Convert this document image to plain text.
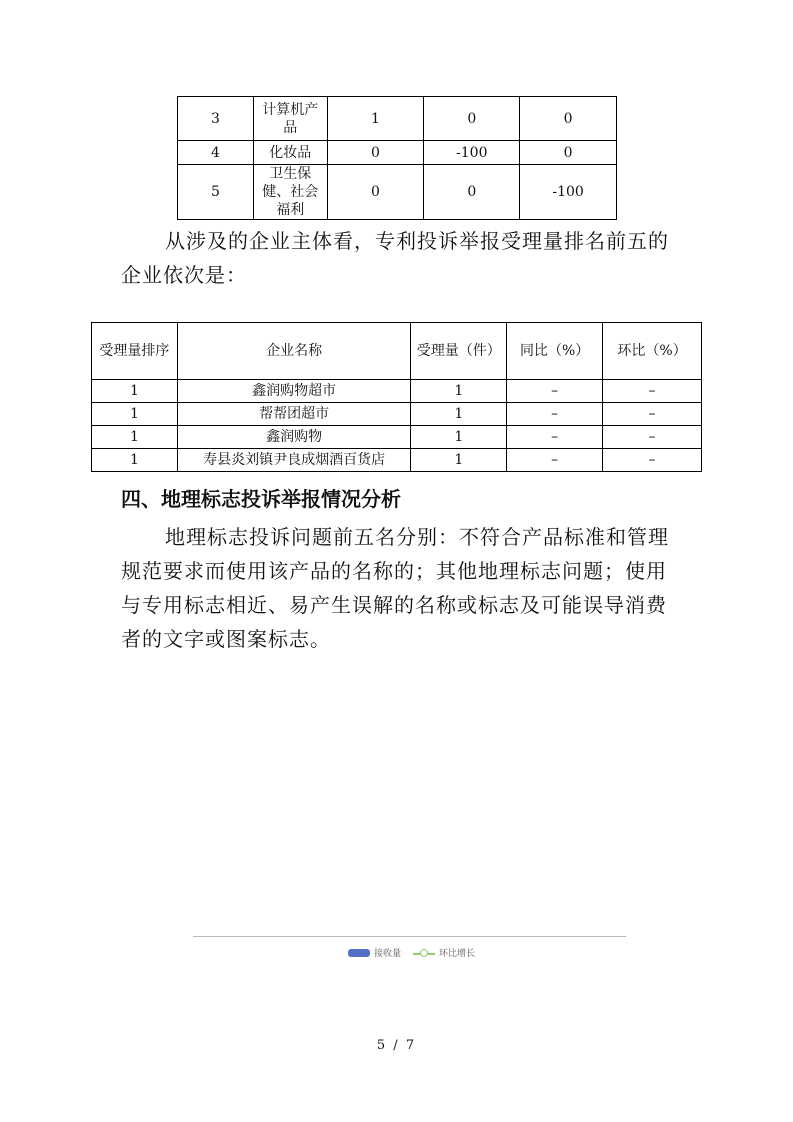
3	计算机产品	1	0	0
4	化妆品	0	-100	0
5	卫生保健、社会福利	0	0	-100

从涉及的企业主体看，专利投诉举报受理量排名前五的企业依次是：

受理量排序	企业名称	受理量（件）	同比（%）	环比（%）
1	鑫润购物超市	1	–	–
1	帮帮团超市	1	–	–
1	鑫润购物	1	–	–
1	寿县炎刘镇尹良成烟酒百货店	1	–	–
四、地理标志投诉举报情况分析

地理标志投诉问题前五名分别：不符合产品标准和管理规范要求而使用该产品的名称的；其他地理标志问题；使用与专用标志相近、易产生误解的名称或标志及可能误导消费者的文字或图案标志。

接收量	环比增长
5 / 7
